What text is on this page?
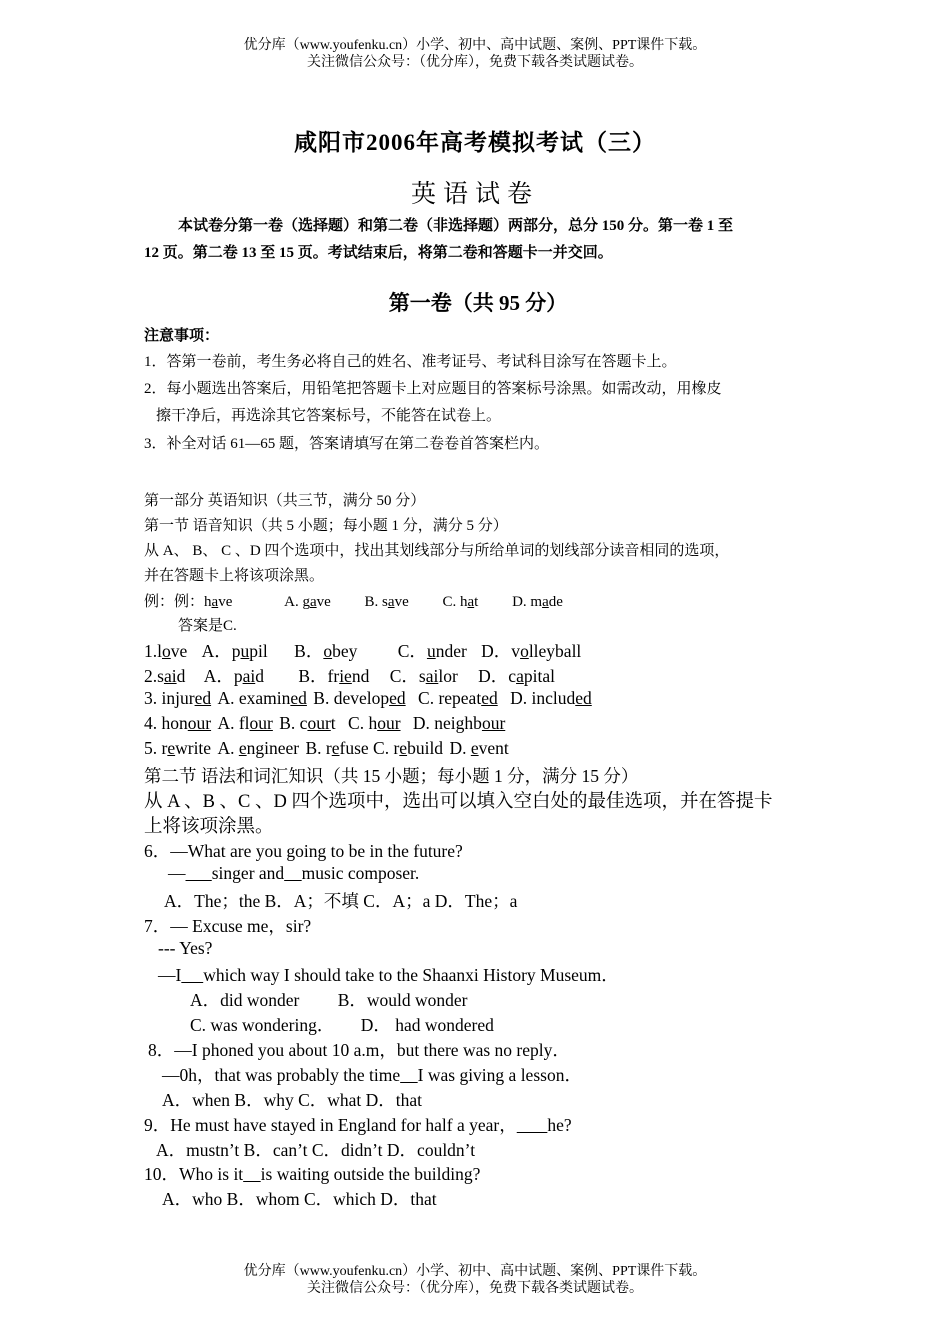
优分库（www.youfenku.cn）小学、初中、高中试题、案例、PPT课件下载。
关注微信公众号：（优分库），免费下载各类试题试卷。
咸阳市2006年高考模拟考试（三）
英语试卷
本试卷分第一卷（选择题）和第二卷（非选择题）两部分，总分 150 分。第一卷 1 至
12 页。第二卷 13 至 15 页。考试结束后，将第二卷和答题卡一并交回。
第一卷（共 95 分）
注意事项：
1．答第一卷前，考生务必将自己的姓名、准考证号、考试科目涂写在答题卡上。
2．每小题选出答案后，用铅笔把答题卡上对应题目的答案标号涂黑。如需改动，用橡皮
擦干净后，再选涂其它答案标号，不能答在试卷上。
3．补全对话 61—65 题，答案请填写在第二卷卷首答案栏内。
第一部分 英语知识（共三节，满分 50 分）
第一节 语音知识（共 5 小题；每小题 1 分，满分 5 分）
从 A、 B、 C 、D 四个选项中，找出其划线部分与所给单词的划线部分读音相同的选项，
并在答题卡上将该项涂黑。
例：例：have	A. gave B. save C. hat D. made
答案是C.
1.love A．pupil B．obey C．under D．volleyball
2.said A．paid B．friend C．sailor D．capital
3. injured A. examined B. developed C. repeated D. included
4. honour A. flour B. court C. hour D. neighbour
5. rewrite A. engineer B. refuse C. rebuild D. event
第二节 语法和词汇知识（共 15 小题；每小题 1 分，满分 15 分）
从 A 、B 、C 、D 四个选项中，选出可以填入空白处的最佳选项，并在答提卡
上将该项涂黑。
6．—What are you going to be in the future?
— singer and music composer.
A．The；the B．A；不填 C．A；a D．The；a
7．— Excuse me，sir?
--- Yes?
—I which way I should take to the Shaanxi History Museum．
A．did wonder B．would wonder
C. was wondering． D． had wondered
8．—I phoned you about 10 a.m，but there was no reply．
—0h，that was probably the time I was giving a lesson．
A．when B．why C．what D．that
9．He must have stayed in England for half a year， he?
A．mustn’t B．can’t C．didn’t D．couldn’t
10．Who is it is waiting outside the building?
A．who B．whom C．which D．that
优分库（www.youfenku.cn）小学、初中、高中试题、案例、PPT课件下载。
关注微信公众号：（优分库），免费下载各类试题试卷。
